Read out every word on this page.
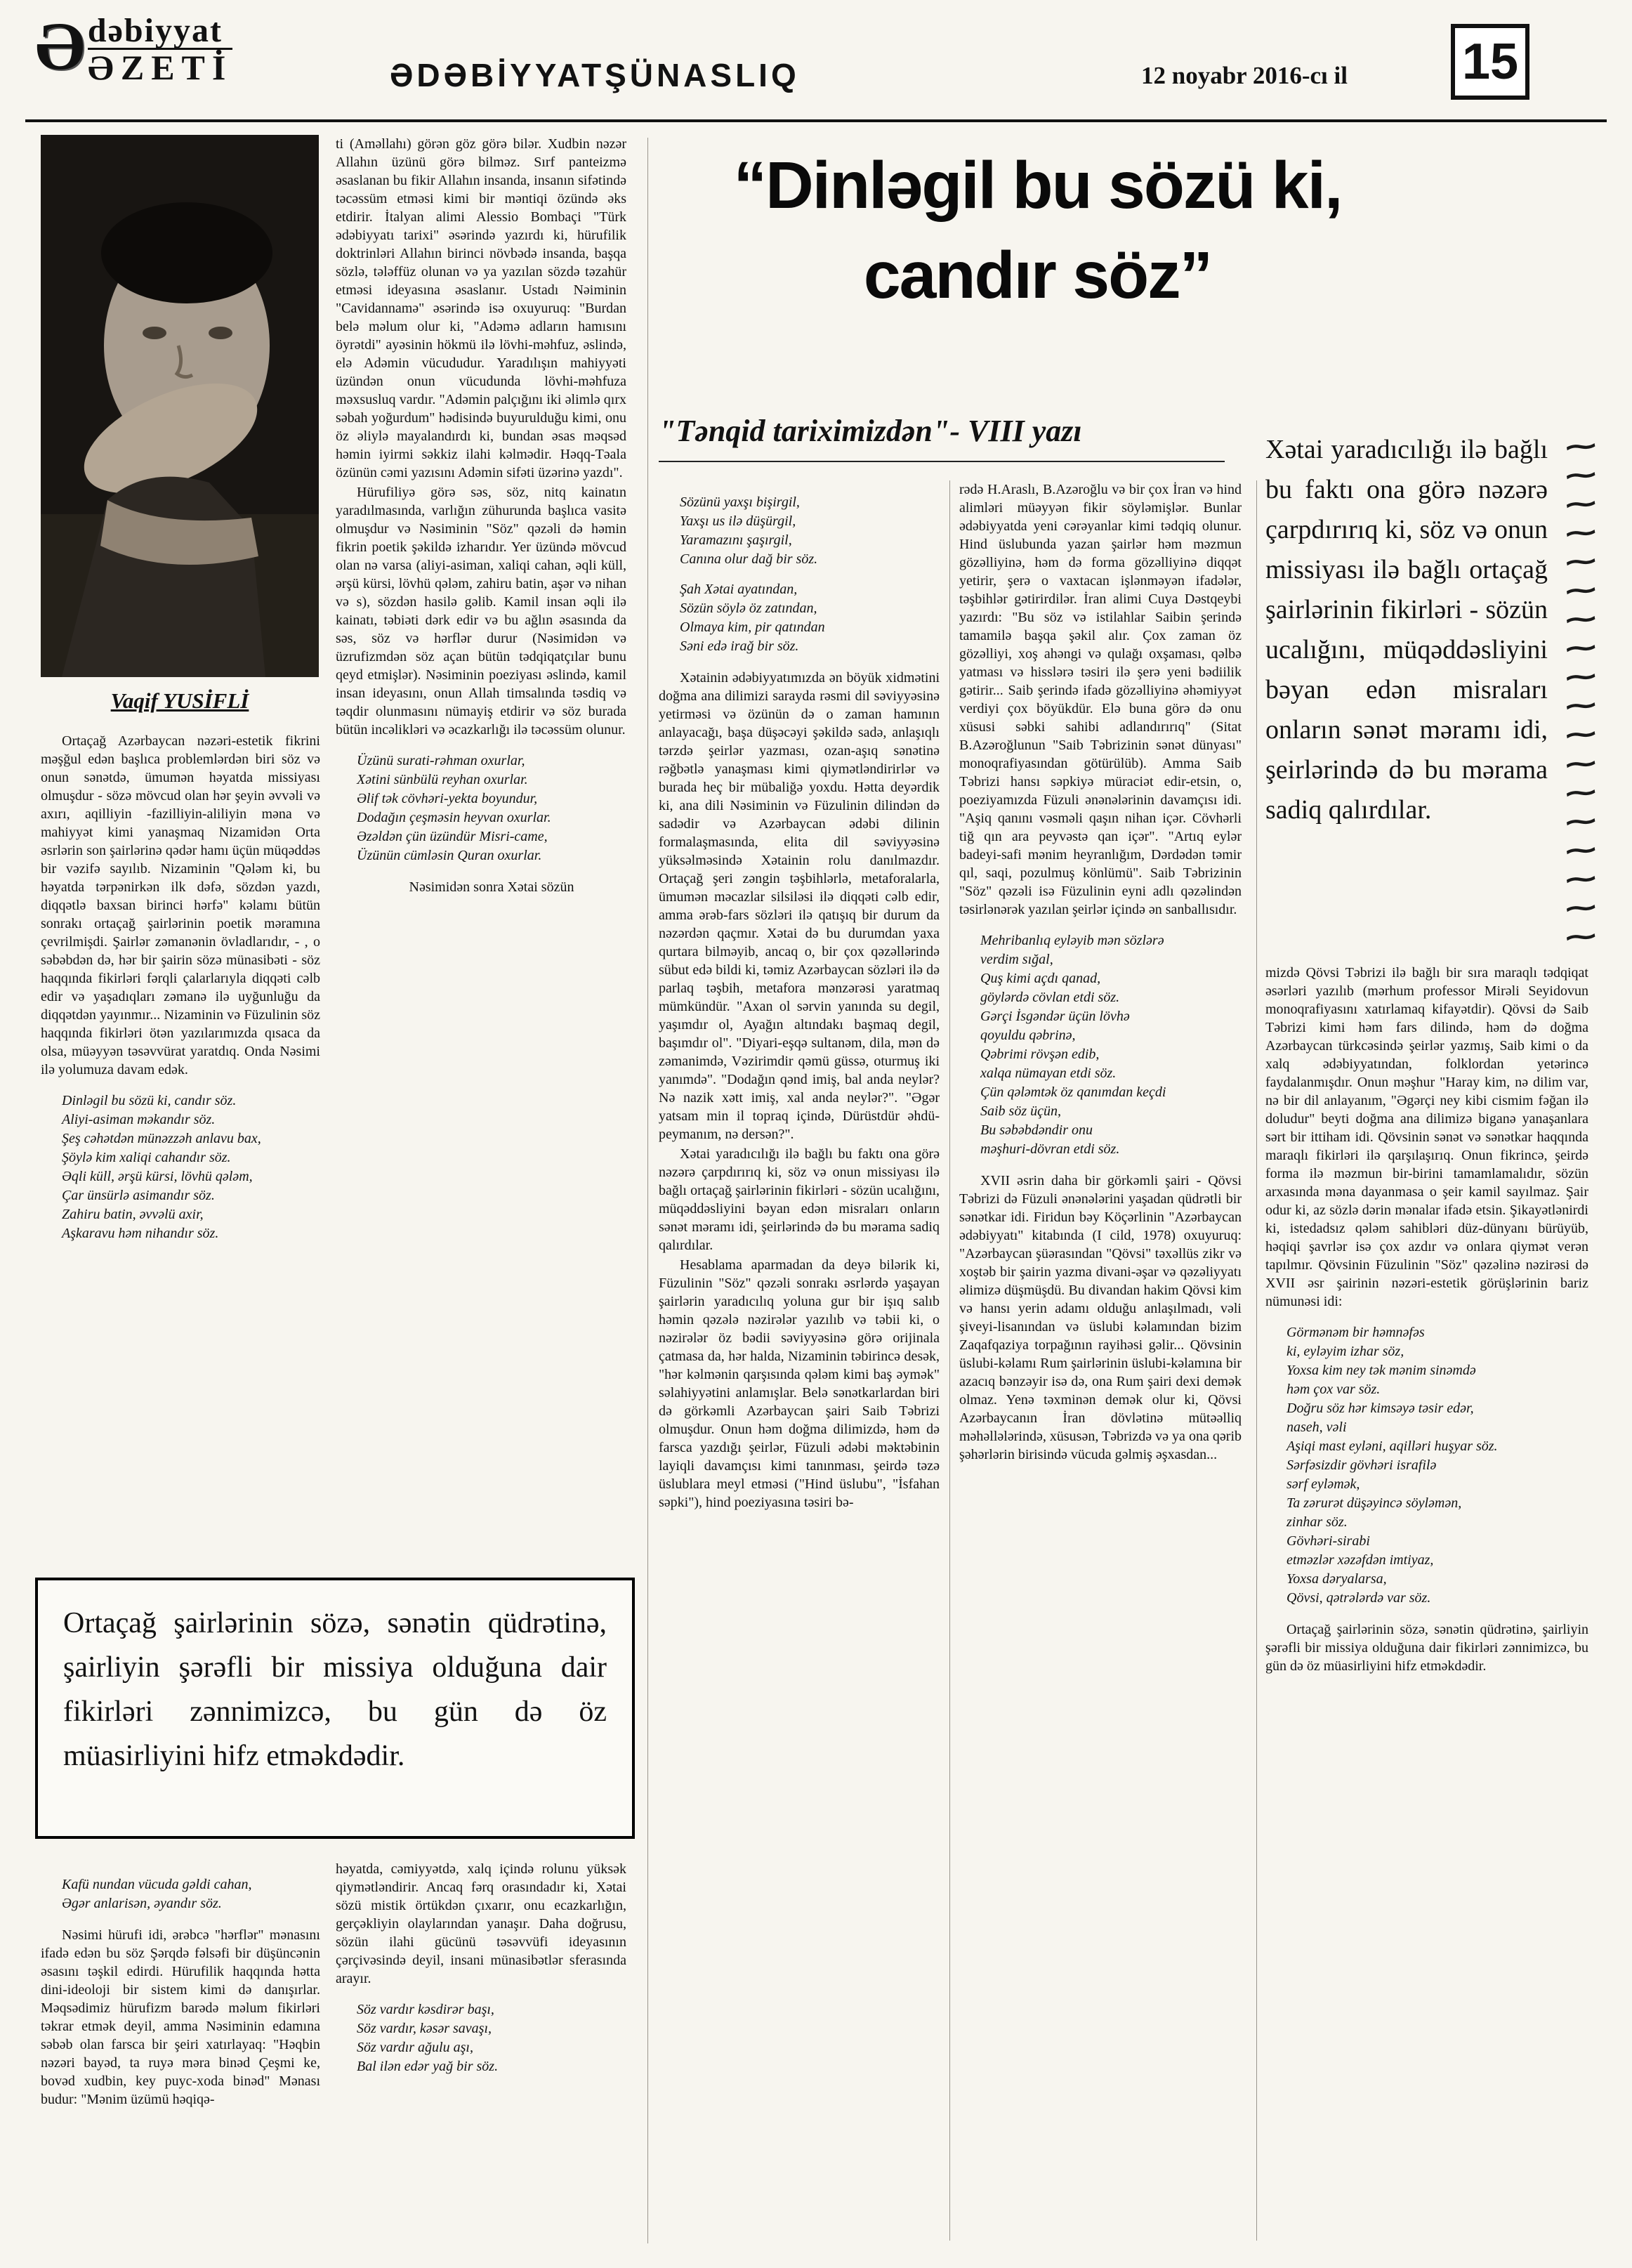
Ə dəbiyyat
ƏZETİ	ƏDƏBİYYATŞÜNASLIQ	12 noyabr 2016-cı il 15
Vaqif YUSİFLİ
“Dinləgil bu sözü ki,
candır söz”
"Tənqid tariximizdən"- VIII yazı

Xətai yaradıcılığı ilə bağlı bu faktı ona görə nəzərə çarpdırırıq ki, söz və onun missiyası ilə bağlı ortaçağ şairlərinin fikirləri - sözün ucalığını, müqəddəsliyini bəyan edən misraları onların sənət məramı idi, şeirlərində də bu mərama sadiq qalırdılar.

~
~
~
~
~
~
~
~
~
~
~
~
~
~
~
~
~
~

Ortaçağ Azərbaycan nəzəri-estetik fikrini məşğul edən başlıca problemlərdən biri söz və onun sənətdə, ümumən həyatda missiyası olmuşdur - sözə mövcud olan hər şeyin əvvəli və axırı, aqilliyin -fazilliyin-aliliyin məna və mahiyyət kimi yanaşmaq Nizamidən Orta əsrlərin son şairlərinə qədər hamı üçün müqəddəs bir vəzifə sayılıb. Nizaminin "Qələm ki, bu həyatda tərpənirkən ilk dəfə, sözdən yazdı, diqqətlə baxsan birinci hərfə" kəlamı bütün sonrakı ortaçağ şairlərinin poetik məramına çevrilmişdi. Şairlər zəmanənin övladlarıdır, - , o səbəbdən də, hər bir şairin sözə münasibəti - söz haqqında fikirləri fərqli çalarlarıyla diqqəti cəlb edir və yaşadıqları zəmanə ilə uyğunluğu da diqqətdən yayınmır... Nizaminin və Füzulinin söz haqqında fikirləri ötən yazılarımızda qısaca da olsa, müəyyən təsəvvürat yaratdıq. Onda Nəsimi ilə yolumuza davam edək.

Dinləgil bu sözü ki, candır söz.
Aliyi-asiman məkandır söz.
Şeş cəhətdən münəzzəh anlavu bax,
Şöylə kim xaliqi cahandır söz.
Əqli küll, ərşü kürsi, lövhü qələm,
Çar ünsürlə asimandır söz.
Zahiru batin, əvvəlü axir,
Aşkaravu həm nihandır söz.

ti (Aməllahı) görən göz görə bilər. Xudbin nəzər Allahın üzünü görə bilməz. Sırf panteizmə əsaslanan bu fikir Allahın insanda, insanın sifətində təcəssüm etməsi kimi bir məntiqi özündə əks etdirir. İtalyan alimi Alessio Bombaçi "Türk ədəbiyyatı tarixi" əsərində yazırdı ki, hürufilik doktrinləri Allahın birinci növbədə insanda, başqa sözlə, tələffüz olunan və ya yazılan sözdə təzahür etməsi ideyasına əsaslanır. Ustadı Nəiminin "Cavidannamə" əsərində isə oxuyuruq: "Burdan belə məlum olur ki, "Adəmə adların hamısını öyrətdi" ayəsinin hökmü ilə lövhi-məhfuz, əslində, elə Adəmin vücududur. Yaradılışın mahiyyəti üzündən onun vücudunda lövhi-məhfuza məxsusluq vardır. "Adəmin palçığını iki əlimlə qırx səbah yoğurdum" hədisində buyurulduğu kimi, onu öz əliylə mayalandırdı ki, bundan əsas məqsəd həmin iyirmi səkkiz ilahi kəlmədir. Həqq-Təala özünün cəmi yazısını Adəmin sifəti üzərinə yazdı".

Hürufiliyə görə səs, söz, nitq kainatın yaradılmasında, varlığın zühurunda başlıca vasitə olmuşdur və Nəsiminin "Söz" qəzəli də həmin fikrin poetik şəkildə izharıdır. Yer üzündə mövcud olan nə varsa (aliyi-asiman, xaliqi cahan, əqli küll, ərşü kürsi, lövhü qələm, zahiru batin, aşər və nihan və s), sözdən hasilə gəlib. Kamil insan əqli ilə kainatı, təbiəti dərk edir və bu ağlın əsasında da səs, söz və hərflər durur (Nəsimidən və üzrufizmdən söz açan bütün tədqiqatçılar bunu qeyd etmişlər). Nəsiminin poeziyası əslində, kamil insan ideyasını, onun Allah timsalında təsdiq və təqdir olunmasını nümayiş etdirir və söz burada bütün incəlikləri və əcazkarlığı ilə təcəssüm olunur.

Üzünü surati-rəhman oxurlar,
Xətini sünbülü reyhan oxurlar.
Əlif tək cövhəri-yekta boyundur,
Dodağın çeşməsin heyvan oxurlar.
Əzəldən çün üzündür Misri-came,
Üzünün cümləsin Quran oxurlar.

Nəsimidən sonra Xətai sözün

Sözünü yaxşı bişirgil,
Yaxşı us ilə düşürgil,
Yaramazını şaşırgil,
Canına olur dağ bir söz.
Şah Xətai ayatından,
Sözün söylə öz zatından,
Olmaya kim, pir qatından
Səni edə irağ bir söz.

Xətainin ədəbiyyatımızda ən böyük xidmətini doğma ana dilimizi sarayda rəsmi dil səviyyəsinə yetirməsi və özünün də o zaman hamının anlayacağı, başa düşəcəyi şəkildə sadə, anlaşıqlı tərzdə şeirlər yazması, ozan-aşıq sənətinə rəğbətlə yanaşması kimi qiymətləndirirlər və burada heç bir mübaliğə yoxdu. Hətta deyərdik ki, ana dili Nəsiminin və Füzulinin dilindən də sadədir və Azərbaycan ədəbi dilinin formalaşmasında, elita dil səviyyəsinə yüksəlməsində Xətainin rolu danılmazdır. Ortaçağ şeri zəngin təşbihlərlə, metaforalarla, ümumən məcazlar silsiləsi ilə diqqəti cəlb edir, amma ərəb-fars sözləri ilə qatışıq bir durum da nəzərdən qaçmır. Xətai də bu durumdan yaxa qurtara bilməyib, ancaq o, bir çox qəzəllərində sübut edə bildi ki, təmiz Azərbaycan sözləri ilə də parlaq təşbih, metafora mənzərəsi yaratmaq mümkündür. "Axan ol sərvin yanında su degil, yaşımdır ol, Ayağın altındakı başmaq degil, başımdır ol". "Diyari-eşqə sultanəm, dila, mən də zəmanimdə, Vəzirimdir qəmü güssə, oturmuş iki yanımdə". "Dodağın qənd imiş, bal anda neylər? Nə nazik xətt imiş, xal anda neylər?". "Əgər yatsam min il topraq içində, Dürüstdür əhdü-peymanım, nə dersən?".

Xətai yaradıcılığı ilə bağlı bu faktı ona görə nəzərə çarpdırırıq ki, söz və onun missiyası ilə bağlı ortaçağ şairlərinin fikirləri - sözün ucalığını, müqəddəsliyini bəyan edən misraları onların sənət məramı idi, şeirlərində də bu mərama sadiq qalırdılar.

Hesablama aparmadan da deyə bilərik ki, Füzulinin "Söz" qəzəli sonrakı əsrlərdə yaşayan şairlərin yaradıcılıq yoluna gur bir işıq salıb həmin qəzələ nəzirələr yazılıb və təbii ki, o nəzirələr öz bədii səviyyəsinə görə orijinala çatmasa da, hər halda, Nizaminin təbirincə desək, "hər kəlmənin qarşısında qələm kimi baş əymək" səlahiyyətini anlamışlar. Belə sənətkarlardan biri də görkəmli Azərbaycan şairi Saib Təbrizi olmuşdur. Onun həm doğma dilimizdə, həm də farsca yazdığı şeirlər, Füzuli ədəbi məktəbinin layiqli davamçısı kimi tanınması, şeirdə təzə üslublara meyl etməsi ("Hind üslubu", "İsfahan səpki"), hind poeziyasına təsiri bə-

rədə H.Araslı, B.Azəroğlu və bir çox İran və hind alimləri müəyyən fikir söyləmişlər. Bunlar ədəbiyyatda yeni cərəyanlar kimi tədqiq olunur. Hind üslubunda yazan şairlər həm məzmun gözəlliyinə, həm də forma gözəlliyinə diqqət yetirir, şerə o vaxtacan işlənməyən ifadələr, təşbihlər gətirirdilər. İran alimi Cuya Dəstqeybi yazırdı: "Bu söz və istilahlar Saibin şerində tamamilə başqa şəkil alır. Çox zaman öz gözəlliyi, xoş ahəngi və qulağı oxşaması, qəlbə yatması və hisslərə təsiri ilə şerə yeni bədiilik gətirir... Saib şerində ifadə gözəlliyinə əhəmiyyət verdiyi çox böyükdür. Elə buna görə də onu xüsusi səbki sahibi adlandırırıq" (Sitat B.Azəroğlunun "Saib Təbrizinin sənət dünyası" monoqrafiyasından götürülüb). Amma Saib Təbrizi hansı səpkiyə müraciət edir-etsin, o, poeziyamızda Füzuli ənənələrinin davamçısı idi. "Aşiq qanını vəsməli qaşın nihan içər. Cövhərli tiğ qın ara peyvəstə qan içər". "Artıq eylər badeyi-safi mənim heyranlığım, Dərdədən təmir qıl, saqi, pozulmuş könlümü". Saib Təbrizinin "Söz" qəzəli isə Füzulinin eyni adlı qəzəlindən təsirlənərək yazılan şeirlər içində ən sanballısıdır.

Mehribanlıq eyləyib mən sözlərə
verdim sığal,
Quş kimi açdı qanad,
göylərdə cövlan etdi söz.
Gərçi İsgəndər üçün lövhə
qoyuldu qəbrinə,
Qəbrimi rövşən edib,
xalqa nümayan etdi söz.
Çün qələmtək öz qanımdan keçdi
Saib söz üçün,
Bu səbəbdəndir onu
məşhuri-dövran etdi söz.

XVII əsrin daha bir görkəmli şairi - Qövsi Təbrizi də Füzuli ənənələrini yaşadan qüdrətli bir sənətkar idi. Firidun bəy Köçərlinin "Azərbaycan ədəbiyyatı" kitabında (I cild, 1978) oxuyuruq: "Azərbaycan şüərasından "Qövsi" təxəllüs zikr və xoştəb bir şairin yazma divani-əşar və qəzəliyyatı əlimizə düşmüşdü. Bu divandan hakim Qövsi kim və hansı yerin adamı olduğu anlaşılmadı, vəli şiveyi-lisanından və üslubi kəlamından bizim Zaqafqaziya torpağının rayihəsi gəlir... Qövsinin üslubi-kəlamı Rum şairlərinin üslubi-kəlamına bir azacıq bənzəyir isə də, ona Rum şairi dexi demək olmaz. Yenə təxminən demək olur ki, Qövsi Azərbaycanın İran dövlətinə mütəəlliq məhəllələrində, xüsusən, Təbrizdə və ya ona qərib şəhərlərin birisində vücuda gəlmiş əşxasdan...

mizdə Qövsi Təbrizi ilə bağlı bir sıra maraqlı tədqiqat əsərləri yazılıb (mərhum professor Mirəli Seyidovun monoqrafiyasını xatırlamaq kifayətdir). Qövsi də Saib Təbrizi kimi həm fars dilində, həm də doğma Azərbaycan türkcəsində şeirlər yazmış, Saib kimi o da xalq ədəbiyyatından, folklordan yetərincə faydalanmışdır. Onun məşhur "Haray kim, nə dilim var, nə bir dil anlayanım, "Əgərçi ney kibi cismim fəğan ilə doludur" beyti doğma ana dilimizə biganə yanaşanlara sərt bir ittiham idi. Qövsinin sənət və sənətkar haqqında maraqlı fikirləri ilə qarşılaşırıq. Onun fikrincə, şeirdə forma ilə məzmun bir-birini tamamlamalıdır, sözün arxasında məna dayanmasa o şeir kamil sayılmaz. Şair odur ki, az sözlə dərin mənalar ifadə etsin. Şikayətlənirdi ki, istedadsız qələm sahibləri düz-dünyanı bürüyüb, həqiqi şavrlər isə çox azdır və onlara qiymət verən tapılmır. Qövsinin Füzulinin "Söz" qəzəlinə nəzirəsi də XVII əsr şairinin nəzəri-estetik görüşlərinin bariz nümunəsi idi:

Görmənəm bir həmnəfəs
ki, eyləyim izhar söz,
Yoxsa kim ney tək mənim sinəmdə
həm çox var söz.
Doğru söz hər kimsəyə təsir edər,
nasеh, vəli
Aşiqi mast eyləni, aqilləri huşyar söz.
Sərfəsizdir gövhəri israfilə
sərf eyləmək,
Ta zərurət düşəyincə söyləmən,
zinhar söz.
Gövhəri-sirabi
etməzlər xəzəfdən imtiyaz,
Yoxsa dəryalarsa,
Qövsi, qətrələrdə var söz.

Ortaçağ şairlərinin sözə, sənətin qüdrətinə, şairliyin şərəfli bir missiya olduğuna dair fikirləri zənnimizcə, bu gün də öz müasirliyini hifz etməkdədir.

Kafü nundan vücuda gəldi cahan,
Əgər anlarisən, əyandır söz.

Nəsimi hürufi idi, ərəbcə "hərflər" mənasını ifadə edən bu söz Şərqdə fəlsəfi bir düşüncənin əsasını təşkil edirdi. Hürufilik haqqında hətta dini-ideoloji bir sistem kimi də danışırlar. Məqsədimiz hürufizm barədə məlum fikirləri təkrar etmək deyil, amma Nəsiminin edamına səbəb olan farsca bir şeiri xatırlayaq: "Həqbin nəzəri bayəd, ta ruyə məra binəd Çeşmi ke, bovəd xudbin, key puyc-xoda binəd" Mənası budur: "Mənim üzümü həqiqə-

həyatda, cəmiyyətdə, xalq içində rolunu yüksək qiymətləndirir. Ancaq fərq orasındadır ki, Xətai sözü mistik örtükdən çıxarır, onu ecazkarlığın, gerçəkliyin olaylarından yanaşır. Daha doğrusu, sözün ilahi gücünü təsəvvüfi ideyasının çərçivəsində deyil, insani münasibətlər sferasında arayır.

Söz vardır kəsdirər başı,
Söz vardır, kəsər savaşı,
Söz vardır ağulu aşı,
Bal ilən edər yağ bir söz.

Ortaçağ şairlərinin sözə, sənətin qüdrətinə, şairliyin şərəfli bir missiya olduğuna dair fikirləri zənnimizcə, bu gün də öz müasirliyini hifz etməkdədir.
